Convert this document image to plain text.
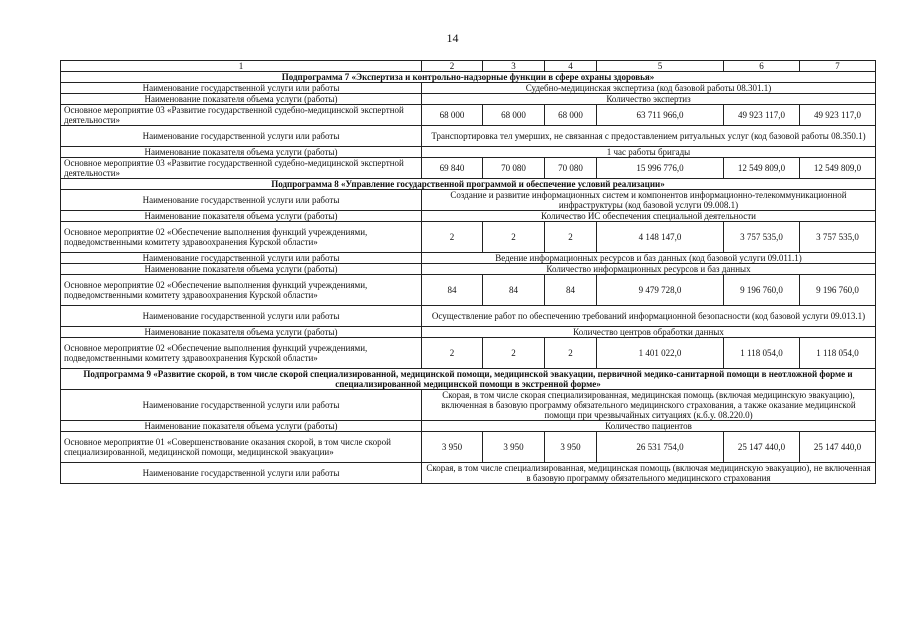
14
1	2	3	4	5	6	7
Подпрограмма 7 «Экспертиза и контрольно-надзорные функции в сфере охраны здоровья»						
Наименование государственной услуги или работы	Судебно-медицинская экспертиза (код базовой работы 08.301.1)					
Наименование показателя объема услуги (работы)	Количество экспертиз					
Основное мероприятие 03 «Развитие государственной судебно-медицинской экспертной деятельности»	68 000	68 000	68 000	63 711 966,0	49 923 117,0	49 923 117,0
Наименование государственной услуги или работы	Транспортировка тел умерших, не связанная с предоставлением ритуальных услуг (код базовой работы 08.350.1)					
Наименование показателя объема услуги (работы)	1 час работы бригады					
Основное мероприятие 03 «Развитие государственной судебно-медицинской экспертной деятельности»	69 840	70 080	70 080	15 996 776,0	12 549 809,0	12 549 809,0
Подпрограмма 8 «Управление государственной программой и обеспечение условий реализации»						
Наименование государственной услуги или работы	Создание и развитие информационных систем и компонентов информационно-телекоммуникационной инфраструктуры (код базовой услуги 09.008.1)					
Наименование показателя объема услуги (работы)	Количество ИС обеспечения специальной деятельности					
Основное мероприятие 02 «Обеспечение выполнения функций учреждениями, подведомственными комитету здравоохранения Курской области»	2	2	2	4 148 147,0	3 757 535,0	3 757 535,0
Наименование государственной услуги или работы	Ведение информационных ресурсов и баз данных (код базовой услуги 09.011.1)					
Наименование показателя объема услуги (работы)	Количество информационных ресурсов и баз данных					
Основное мероприятие 02 «Обеспечение выполнения функций учреждениями, подведомственными комитету здравоохранения Курской области»	84	84	84	9 479 728,0	9 196 760,0	9 196 760,0
Наименование государственной услуги или работы	Осуществление работ по обеспечению требований информационной безопасности (код базовой услуги 09.013.1)					
Наименование показателя объема услуги (работы)	Количество центров обработки данных					
Основное мероприятие 02 «Обеспечение выполнения функций учреждениями, подведомственными комитету здравоохранения Курской области»	2	2	2	1 401 022,0	1 118 054,0	1 118 054,0
Подпрограмма 9 «Развитие скорой, в том числе скорой специализированной, медицинской помощи, медицинской эвакуации, первичной медико-санитарной помощи в неотложной форме и специализированной медицинской помощи в экстренной форме»						
Наименование государственной услуги или работы	Скорая, в том числе скорая специализированная, медицинская помощь (включая медицинскую эвакуацию), включенная в базовую программу обязательного медицинского страхования, а также оказание медицинской помощи при чрезвычайных ситуациях (к.б.у. 08.220.0)					
Наименование показателя объема услуги (работы)	Количество пациентов					
Основное мероприятие 01 «Совершенствование оказания скорой, в том числе скорой специализированной, медицинской помощи, медицинской эвакуации»	3 950	3 950	3 950	26 531 754,0	25 147 440,0	25 147 440,0
Наименование государственной услуги или работы	Скорая, в том числе специализированная, медицинская помощь (включая медицинскую эвакуацию), не включенная в базовую программу обязательного медицинского страхования					
